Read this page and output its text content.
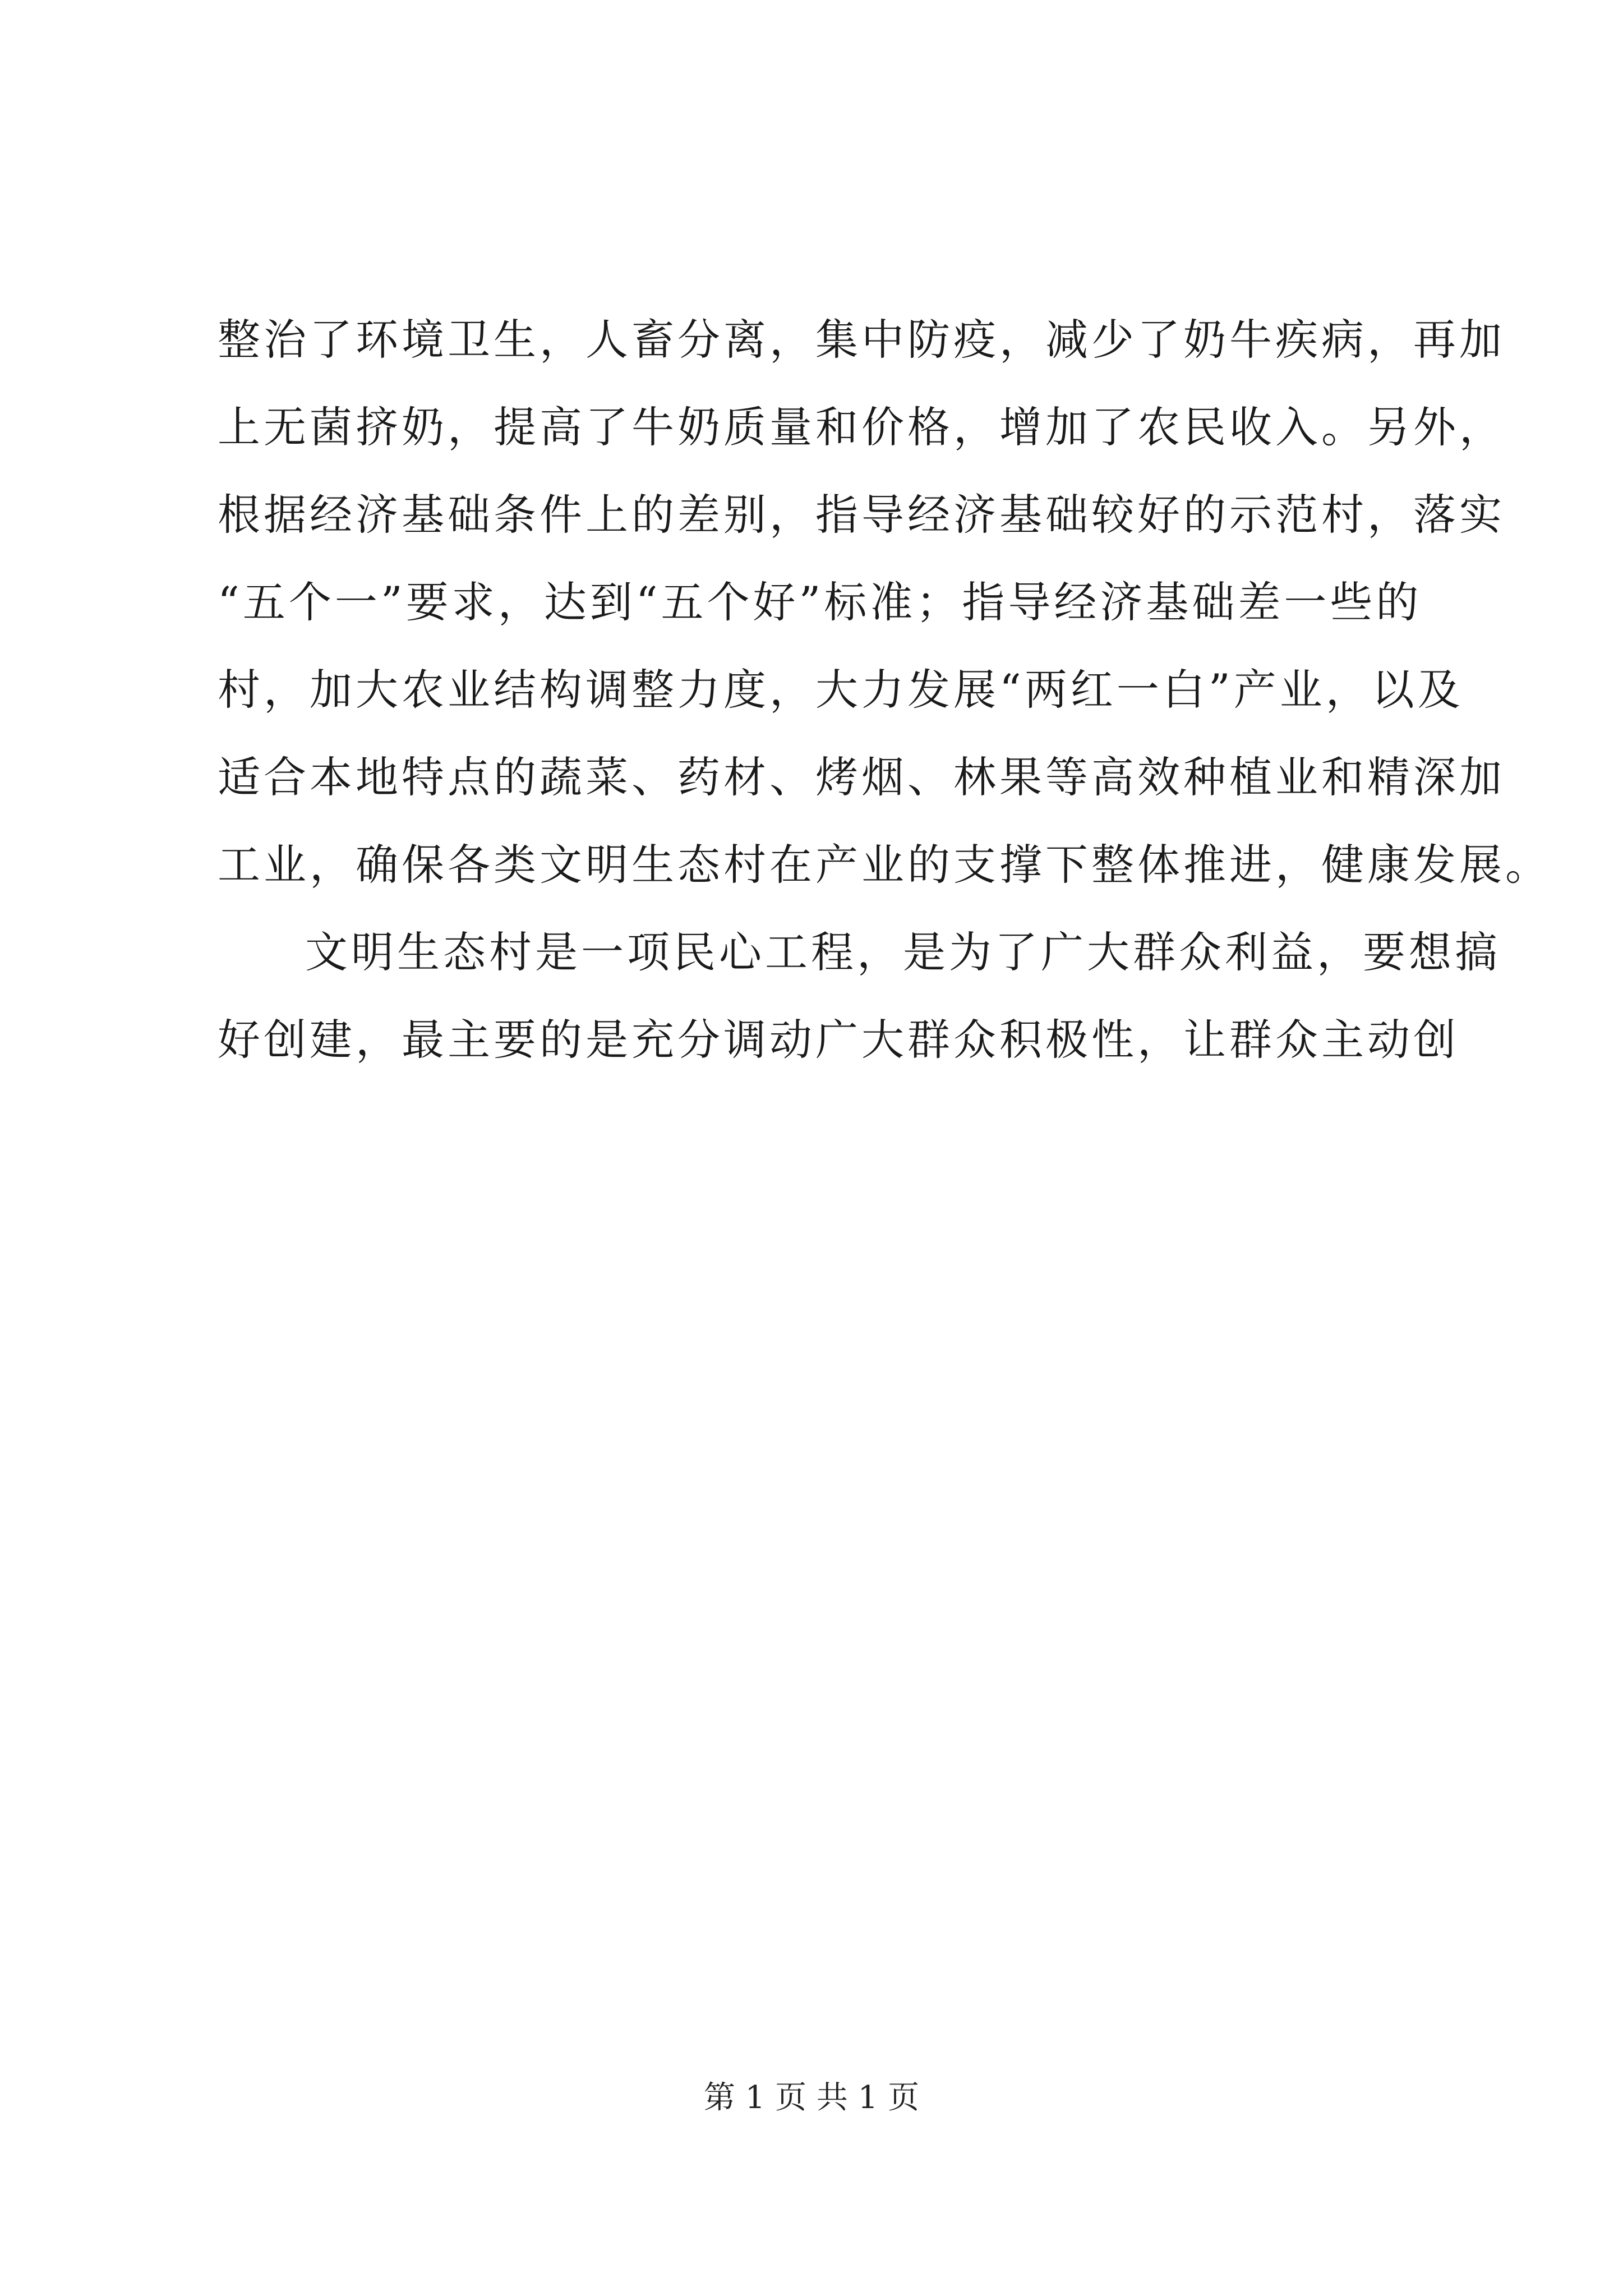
整治了环境卫生，人畜分离，集中防疫，减少了奶牛疾病，再加
上无菌挤奶，提高了牛奶质量和价格，增加了农民收入。另外，
根据经济基础条件上的差别，指导经济基础较好的示范村，落实
“五个一”要求，达到“五个好”标准；指导经济基础差一些的
村，加大农业结构调整力度，大力发展“两红一白”产业，以及
适合本地特点的蔬菜、药材、烤烟、林果等高效种植业和精深加
工业，确保各类文明生态村在产业的支撑下整体推进，健康发展。
文明生态村是一项民心工程，是为了广大群众利益，要想搞
好创建，最主要的是充分调动广大群众积极性，让群众主动创
第 1 页 共 1 页
